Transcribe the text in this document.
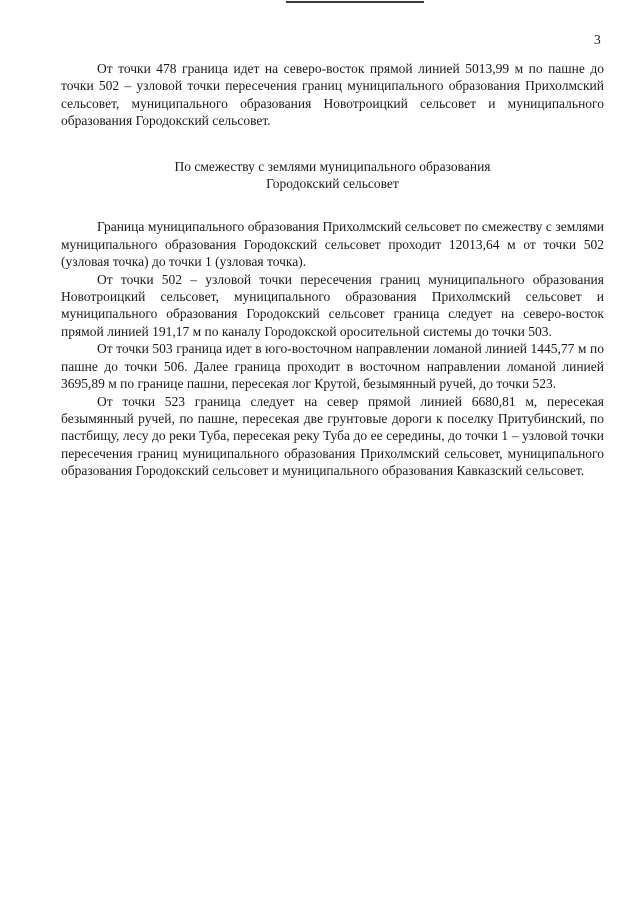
3

От точки 478 граница идет на северо-восток прямой линией 5013,99 м по пашне до точки 502 – узловой точки пересечения границ муниципального образования Прихолмский сельсовет, муниципального образования Новотроицкий сельсовет и муниципального образования Городокский сельсовет.

По смежеству с землями муниципального образования
Городокский сельсовет

Граница муниципального образования Прихолмский сельсовет по смежеству с землями муниципального образования Городокский сельсовет проходит 12013,64 м от точки 502 (узловая точка) до точки 1 (узловая точка).

От точки 502 – узловой точки пересечения границ муниципального образования Новотроицкий сельсовет, муниципального образования Прихолмский сельсовет и муниципального образования Городокский сельсовет граница следует на северо-восток прямой линией 191,17 м по каналу Городокской оросительной системы до точки 503.

От точки 503 граница идет в юго-восточном направлении ломаной линией 1445,77 м по пашне до точки 506. Далее граница проходит в восточном направлении ломаной линией 3695,89 м по границе пашни, пересекая лог Крутой, безымянный ручей, до точки 523.

От точки 523 граница следует на север прямой линией 6680,81 м, пересекая безымянный ручей, по пашне, пересекая две грунтовые дороги к поселку Притубинский, по пастбищу, лесу до реки Туба, пересекая реку Туба до ее середины, до точки 1 – узловой точки пересечения границ муниципального образования Прихолмский сельсовет, муниципального образования Городокский сельсовет и муниципального образования Кавказский сельсовет.
